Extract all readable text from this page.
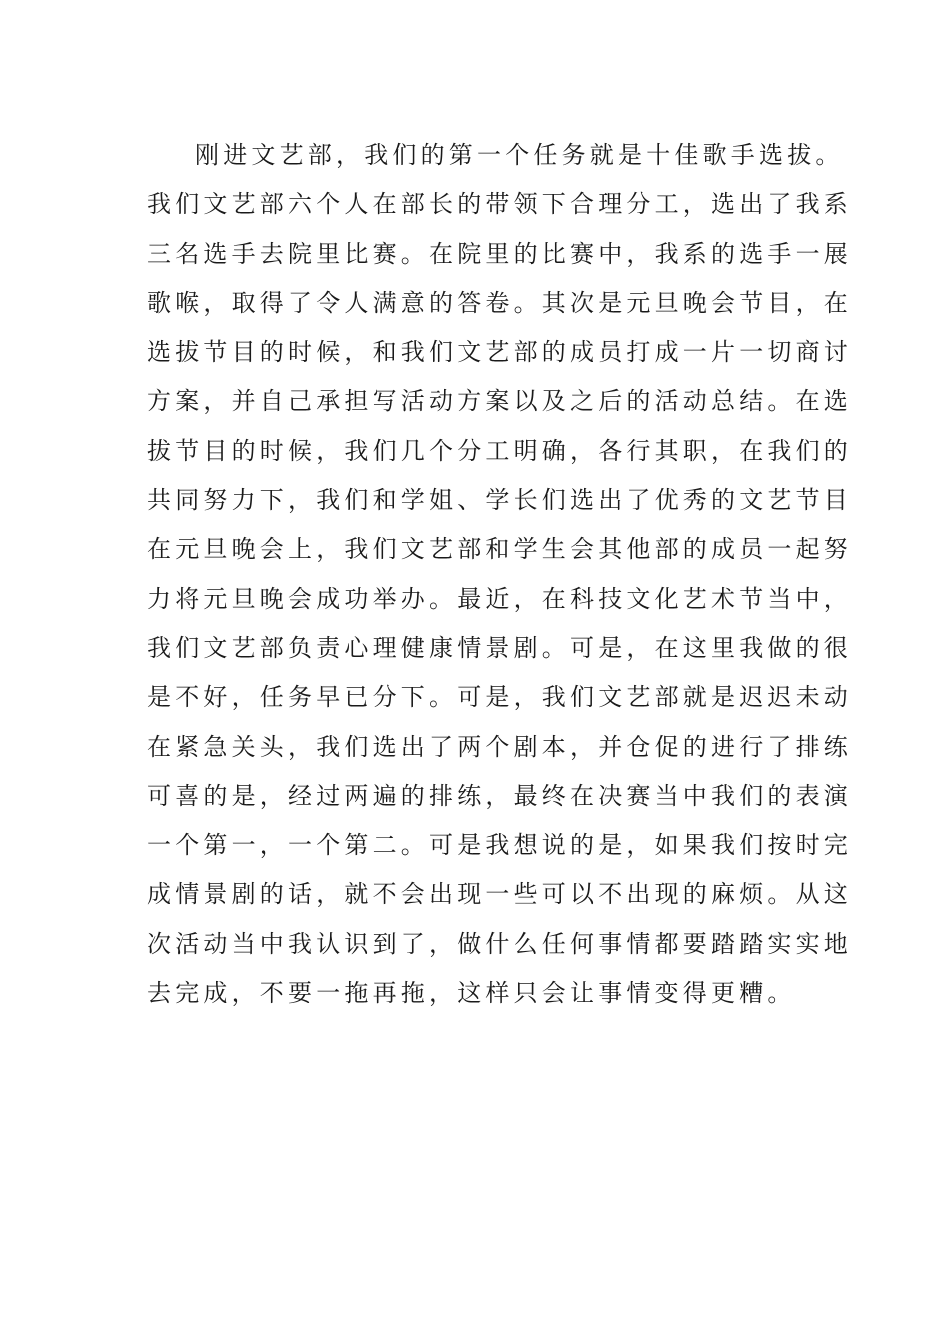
刚进文艺部，我们的第一个任务就是十佳歌手选拔。
我们文艺部六个人在部长的带领下合理分工，选出了我系
三名选手去院里比赛。在院里的比赛中，我系的选手一展
歌喉，取得了令人满意的答卷。其次是元旦晚会节目，在
选拔节目的时候，和我们文艺部的成员打成一片一切商讨
方案，并自己承担写活动方案以及之后的活动总结。在选
拔节目的时候，我们几个分工明确，各行其职，在我们的
共同努力下，我们和学姐、学长们选出了优秀的文艺节目
在元旦晚会上，我们文艺部和学生会其他部的成员一起努
力将元旦晚会成功举办。最近，在科技文化艺术节当中，
我们文艺部负责心理健康情景剧。可是，在这里我做的很
是不好，任务早已分下。可是，我们文艺部就是迟迟未动
在紧急关头，我们选出了两个剧本，并仓促的进行了排练
可喜的是，经过两遍的排练，最终在决赛当中我们的表演
一个第一，一个第二。可是我想说的是，如果我们按时完
成情景剧的话，就不会出现一些可以不出现的麻烦。从这
次活动当中我认识到了，做什么任何事情都要踏踏实实地
去完成，不要一拖再拖，这样只会让事情变得更糟。
